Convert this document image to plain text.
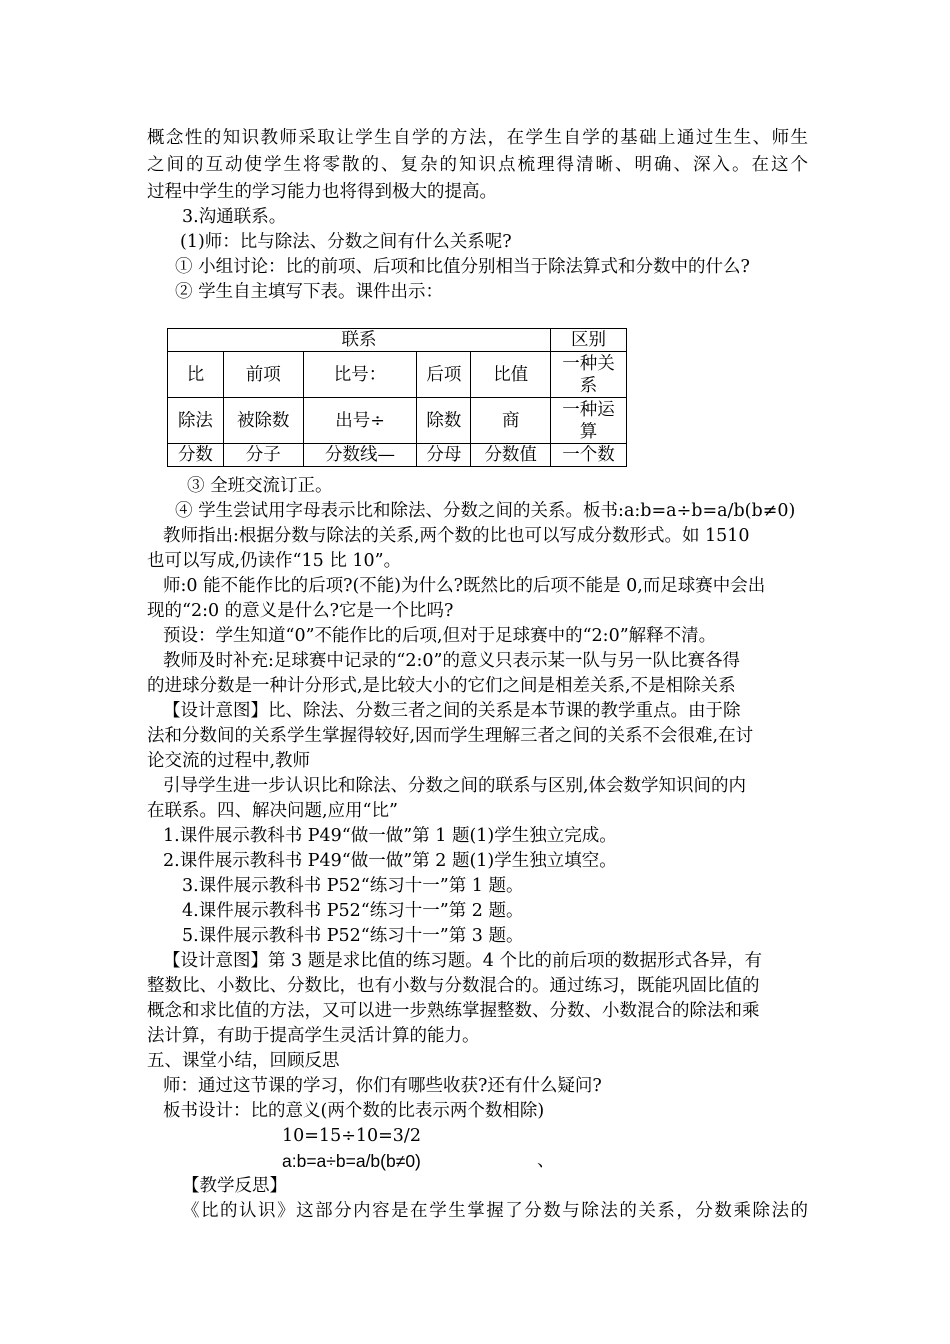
概念性的知识教师采取让学生自学的方法，在学生自学的基础上通过生生、师生
之间的互动使学生将零散的、复杂的知识点梳理得清晰、明确、深入。在这个
过程中学生的学习能力也将得到极大的提高。
3.沟通联系。
(1)师：比与除法、分数之间有什么关系呢?
① 小组讨论：比的前项、后项和比值分别相当于除法算式和分数中的什么?
② 学生自主填写下表。课件出示：
联系					区别
比	前项	比号：	后项	比值	一种关系
除法	被除数	出号÷	除数	商	一种运算
分数	分子	分数线—	分母	分数值	一个数
③ 全班交流订正。
④ 学生尝试用字母表示比和除法、分数之间的关系。板书:a:b=a÷b=a/b(b≠0)
教师指出:根据分数与除法的关系,两个数的比也可以写成分数形式。如 1510
也可以写成,仍读作“15 比 10”。
师:0 能不能作比的后项?(不能)为什么?既然比的后项不能是 0,而足球赛中会出
现的“2:0 的意义是什么?它是一个比吗?
预设：学生知道“0”不能作比的后项,但对于足球赛中的“2:0”解释不清。
教师及时补充:足球赛中记录的“2:0”的意义只表示某一队与另一队比赛各得
的进球分数是一种计分形式,是比较大小的它们之间是相差关系,不是相除关系
【设计意图】比、除法、分数三者之间的关系是本节课的教学重点。由于除
法和分数间的关系学生掌握得较好,因而学生理解三者之间的关系不会很难,在讨
论交流的过程中,教师
引导学生进一步认识比和除法、分数之间的联系与区别,体会数学知识间的内
在联系。四、解决问题,应用“比”
1.课件展示教科书 P49“做一做”第 1 题(1)学生独立完成。
2.课件展示教科书 P49“做一做”第 2 题(1)学生独立填空。
3.课件展示教科书 P52“练习十一”第 1 题。
4.课件展示教科书 P52“练习十一”第 2 题。
5.课件展示教科书 P52“练习十一”第 3 题。
【设计意图】第 3 题是求比值的练习题。4 个比的前后项的数据形式各异，有
整数比、小数比、分数比，也有小数与分数混合的。通过练习，既能巩固比值的
概念和求比值的方法，又可以进一步熟练掌握整数、分数、小数混合的除法和乘
法计算，有助于提高学生灵活计算的能力。
五、课堂小结，回顾反思
师：通过这节课的学习，你们有哪些收获?还有什么疑问?
板书设计：比的意义(两个数的比表示两个数相除)
10=15÷10=3/2
a:b=a÷b=a/b(b≠0)	、
【教学反思】
《比的认识》这部分内容是在学生掌握了分数与除法的关系，分数乘除法的
